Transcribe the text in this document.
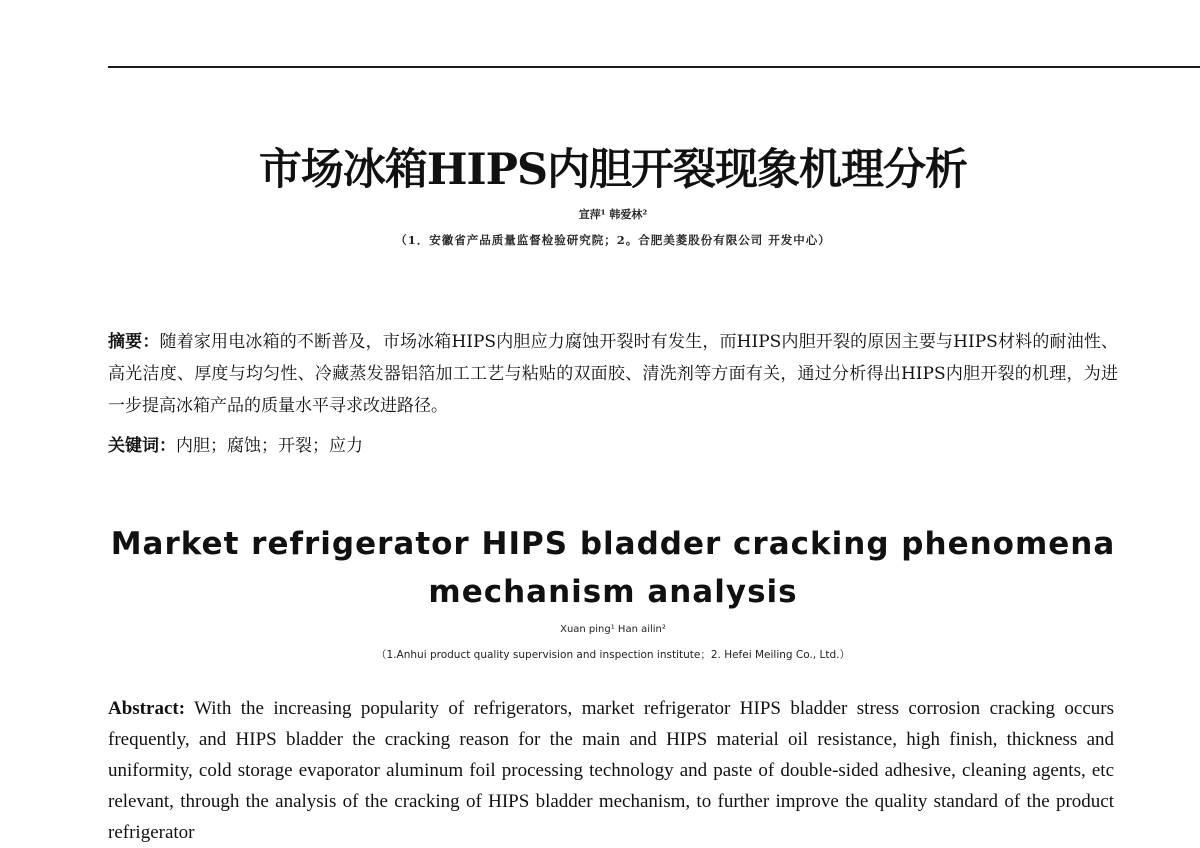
市场冰箱HIPS内胆开裂现象机理分析
宣萍¹ 韩爱林²
（1．安徽省产品质量监督检验研究院；2。合肥美菱股份有限公司 开发中心）

摘要：随着家用电冰箱的不断普及，市场冰箱HIPS内胆应力腐蚀开裂时有发生，而HIPS内胆开裂的原因主要与HIPS材料的耐油性、高光洁度、厚度与均匀性、冷藏蒸发器铝箔加工工艺与粘贴的双面胶、清洗剂等方面有关，通过分析得出HIPS内胆开裂的机理，为进一步提高冰箱产品的质量水平寻求改进路径。

关键词：内胆；腐蚀；开裂；应力

Market refrigerator HIPS bladder cracking phenomena mechanism analysis
Xuan ping¹ Han ailin²
（1.Anhui product quality supervision and inspection institute；2. Hefei Meiling Co., Ltd.）

Abstract: With the increasing popularity of refrigerators, market refrigerator HIPS bladder stress corrosion cracking occurs frequently, and HIPS bladder the cracking reason for the main and HIPS material oil resistance, high finish, thickness and uniformity, cold storage evaporator aluminum foil processing technology and paste of double-sided adhesive, cleaning agents, etc relevant, through the analysis of the cracking of HIPS bladder mechanism, to further improve the quality standard of the product refrigerator
